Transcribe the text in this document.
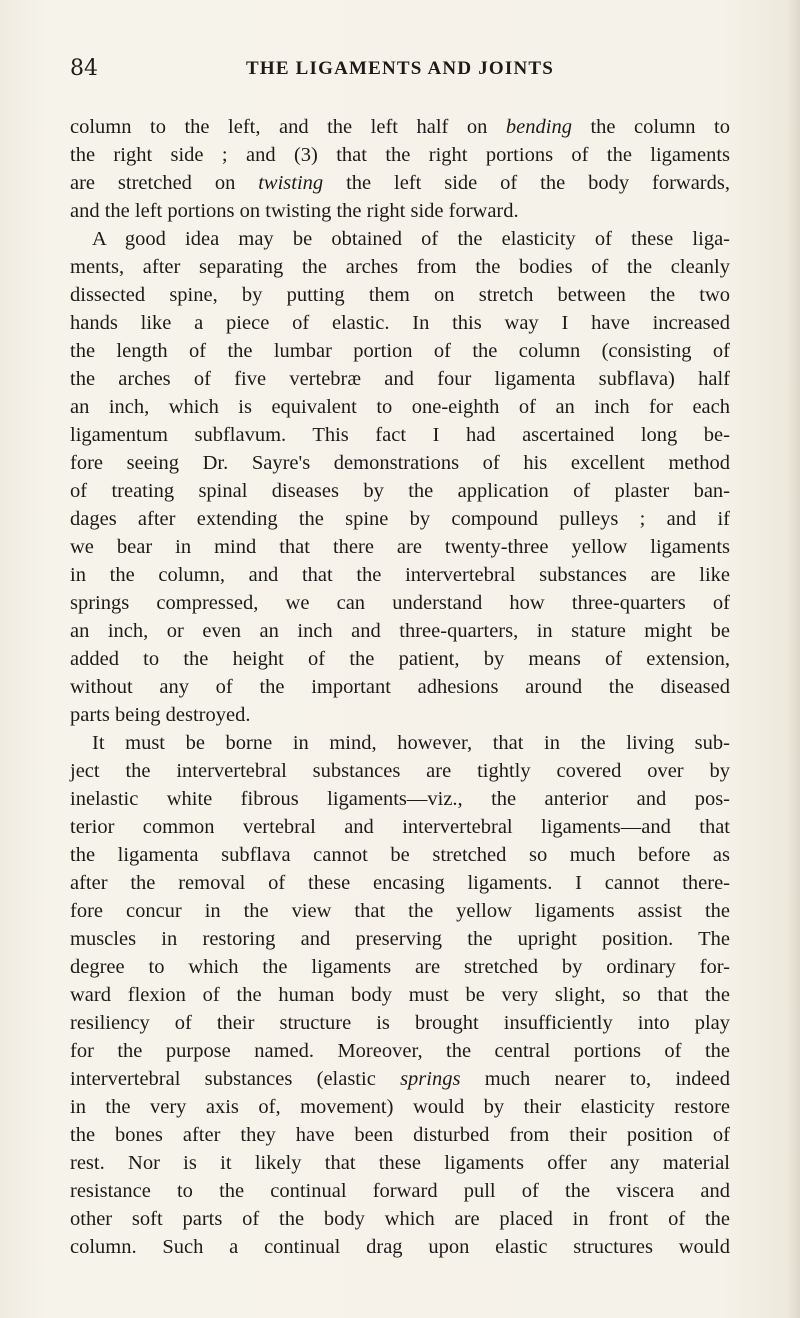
84	THE LIGAMENTS AND JOINTS
column to the left, and the left half on bending the column to
the right side ; and (3) that the right portions of the ligaments
are stretched on twisting the left side of the body forwards,
and the left portions on twisting the right side forward.
A good idea may be obtained of the elasticity of these liga-
ments, after separating the arches from the bodies of the cleanly
dissected spine, by putting them on stretch between the two
hands like a piece of elastic. In this way I have increased
the length of the lumbar portion of the column (consisting of
the arches of five vertebræ and four ligamenta subflava) half
an inch, which is equivalent to one-eighth of an inch for each
ligamentum subflavum. This fact I had ascertained long be-
fore seeing Dr. Sayre's demonstrations of his excellent method
of treating spinal diseases by the application of plaster ban-
dages after extending the spine by compound pulleys ; and if
we bear in mind that there are twenty-three yellow ligaments
in the column, and that the intervertebral substances are like
springs compressed, we can understand how three-quarters of
an inch, or even an inch and three-quarters, in stature might be
added to the height of the patient, by means of extension,
without any of the important adhesions around the diseased
parts being destroyed.
It must be borne in mind, however, that in the living sub-
ject the intervertebral substances are tightly covered over by
inelastic white fibrous ligaments—viz., the anterior and pos-
terior common vertebral and intervertebral ligaments—and that
the ligamenta subflava cannot be stretched so much before as
after the removal of these encasing ligaments. I cannot there-
fore concur in the view that the yellow ligaments assist the
muscles in restoring and preserving the upright position. The
degree to which the ligaments are stretched by ordinary for-
ward flexion of the human body must be very slight, so that the
resiliency of their structure is brought insufficiently into play
for the purpose named. Moreover, the central portions of the
intervertebral substances (elastic springs much nearer to, indeed
in the very axis of, movement) would by their elasticity restore
the bones after they have been disturbed from their position of
rest. Nor is it likely that these ligaments offer any material
resistance to the continual forward pull of the viscera and
other soft parts of the body which are placed in front of the
column. Such a continual drag upon elastic structures would
